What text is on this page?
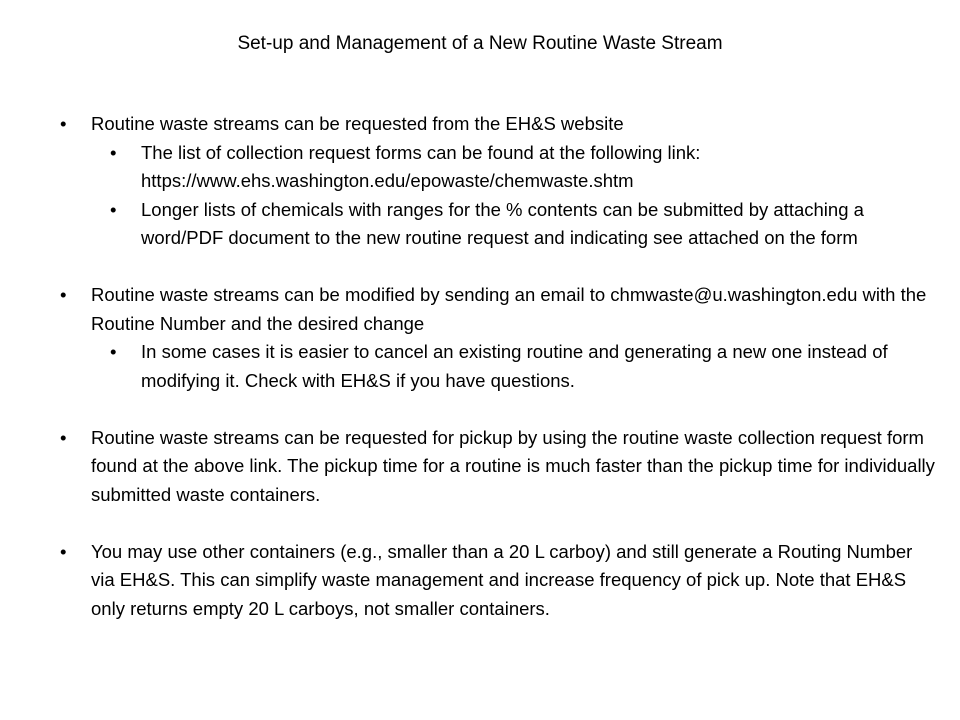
Set-up and Management of a New Routine Waste Stream
• Routine waste streams can be requested from the EH&S website
• The list of collection request forms can be found at the following link: https://www.ehs.washington.edu/epowaste/chemwaste.shtm
• Longer lists of chemicals with ranges for the % contents can be submitted by attaching a word/PDF document to the new routine request and indicating see attached on the form
• Routine waste streams can be modified by sending an email to chmwaste@u.washington.edu with the Routine Number and the desired change
• In some cases it is easier to cancel an existing routine and generating a new one instead of modifying it. Check with EH&S if you have questions.
• Routine waste streams can be requested for pickup by using the routine waste collection request form found at the above link. The pickup time for a routine is much faster than the pickup time for individually submitted waste containers.
• You may use other containers (e.g., smaller than a 20 L carboy) and still generate a Routing Number via EH&S. This can simplify waste management and increase frequency of pick up. Note that EH&S only returns empty 20 L carboys, not smaller containers.
